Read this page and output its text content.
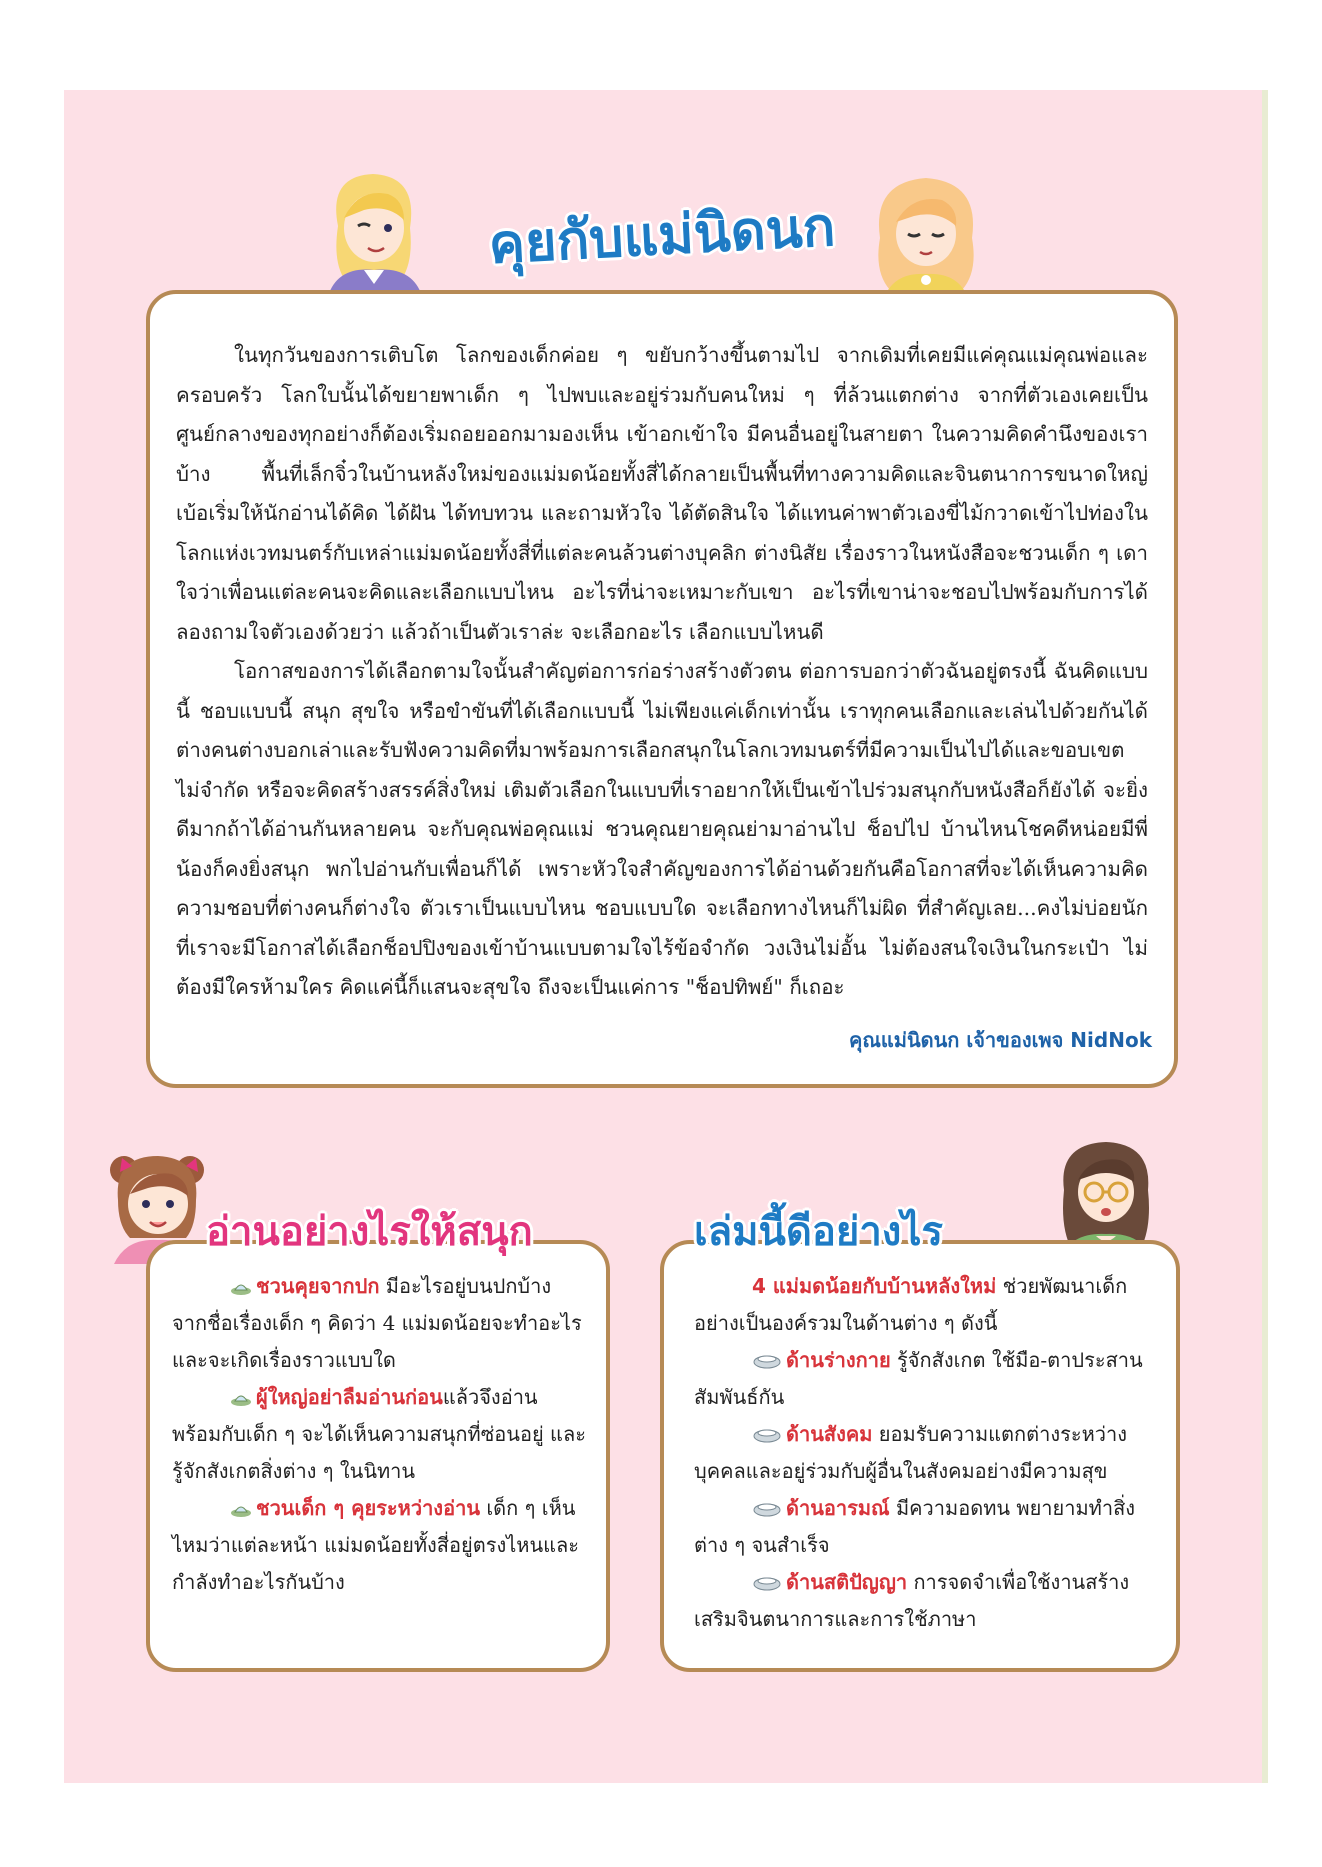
คุยกับแม่นิดนก

ในทุกวันของการเติบโต โลกของเด็กค่อย ๆ ขยับกว้างขึ้นตามไป จากเดิมที่เคยมีแค่คุณแม่คุณพ่อและครอบครัว โลกใบนั้นได้ขยายพาเด็ก ๆ ไปพบและอยู่ร่วมกับคนใหม่ ๆ ที่ล้วนแตกต่าง จากที่ตัวเองเคยเป็นศูนย์กลางของทุกอย่างก็ต้องเริ่มถอยออกมามองเห็น เข้าอกเข้าใจ มีคนอื่นอยู่ในสายตา ในความคิดคำนึงของเราบ้าง พื้นที่เล็กจิ๋วในบ้านหลังใหม่ของแม่มดน้อยทั้งสี่ได้กลายเป็นพื้นที่ทางความคิดและจินตนาการขนาดใหญ่เบ้อเริ่มให้นักอ่านได้คิด ได้ฝัน ได้ทบทวน และถามหัวใจ ได้ตัดสินใจ ได้แทนค่าพาตัวเองขี่ไม้กวาดเข้าไปท่องในโลกแห่งเวทมนตร์กับเหล่าแม่มดน้อยทั้งสี่ที่แต่ละคนล้วนต่างบุคลิก ต่างนิสัย เรื่องราวในหนังสือจะชวนเด็ก ๆ เดาใจว่าเพื่อนแต่ละคนจะคิดและเลือกแบบไหน อะไรที่น่าจะเหมาะกับเขา อะไรที่เขาน่าจะชอบไปพร้อมกับการได้ลองถามใจตัวเองด้วยว่า แล้วถ้าเป็นตัวเราล่ะ จะเลือกอะไร เลือกแบบไหนดี

โอกาสของการได้เลือกตามใจนั้นสำคัญต่อการก่อร่างสร้างตัวตน ต่อการบอกว่าตัวฉันอยู่ตรงนี้ ฉันคิดแบบนี้ ชอบแบบนี้ สนุก สุขใจ หรือขำขันที่ได้เลือกแบบนี้ ไม่เพียงแค่เด็กเท่านั้น เราทุกคนเลือกและเล่นไปด้วยกันได้ ต่างคนต่างบอกเล่าและรับฟังความคิดที่มาพร้อมการเลือกสนุกในโลกเวทมนตร์ที่มีความเป็นไปได้และขอบเขตไม่จำกัด หรือจะคิดสร้างสรรค์สิ่งใหม่ เติมตัวเลือกในแบบที่เราอยากให้เป็นเข้าไปร่วมสนุกกับหนังสือก็ยังได้ จะยิ่งดีมากถ้าได้อ่านกันหลายคน จะกับคุณพ่อคุณแม่ ชวนคุณยายคุณย่ามาอ่านไป ช็อปไป บ้านไหนโชคดีหน่อยมีพี่น้องก็คงยิ่งสนุก พกไปอ่านกับเพื่อนก็ได้ เพราะหัวใจสำคัญของการได้อ่านด้วยกันคือโอกาสที่จะได้เห็นความคิด ความชอบที่ต่างคนก็ต่างใจ ตัวเราเป็นแบบไหน ชอบแบบใด จะเลือกทางไหนก็ไม่ผิด ที่สำคัญเลย...คงไม่บ่อยนักที่เราจะมีโอกาสได้เลือกช็อปปิงของเข้าบ้านแบบตามใจไร้ข้อจำกัด วงเงินไม่อั้น ไม่ต้องสนใจเงินในกระเป๋า ไม่ต้องมีใครห้ามใคร คิดแค่นี้ก็แสนจะสุขใจ ถึงจะเป็นแค่การ "ช็อปทิพย์" ก็เถอะ

คุณแม่นิดนก เจ้าของเพจ NidNok
อ่านอย่างไรให้สนุก
ชวนคุยจากปก มีอะไรอยู่บนปกบ้าง จากชื่อเรื่องเด็ก ๆ คิดว่า 4 แม่มดน้อยจะทำอะไร และจะเกิดเรื่องราวแบบใด
ผู้ใหญ่อย่าลืมอ่านก่อนแล้วจึงอ่านพร้อมกับเด็ก ๆ จะได้เห็นความสนุกที่ซ่อนอยู่ และรู้จักสังเกตสิ่งต่าง ๆ ในนิทาน
ชวนเด็ก ๆ คุยระหว่างอ่าน เด็ก ๆ เห็นไหมว่าแต่ละหน้า แม่มดน้อยทั้งสี่อยู่ตรงไหนและกำลังทำอะไรกันบ้าง
เล่มนี้ดีอย่างไร
4 แม่มดน้อยกับบ้านหลังใหม่ ช่วยพัฒนาเด็กอย่างเป็นองค์รวมในด้านต่าง ๆ ดังนี้
ด้านร่างกาย รู้จักสังเกต ใช้มือ-ตาประสานสัมพันธ์กัน
ด้านสังคม ยอมรับความแตกต่างระหว่างบุคคลและอยู่ร่วมกับผู้อื่นในสังคมอย่างมีความสุข
ด้านอารมณ์ มีความอดทน พยายามทำสิ่งต่าง ๆ จนสำเร็จ
ด้านสติปัญญา การจดจำเพื่อใช้งานสร้างเสริมจินตนาการและการใช้ภาษา
